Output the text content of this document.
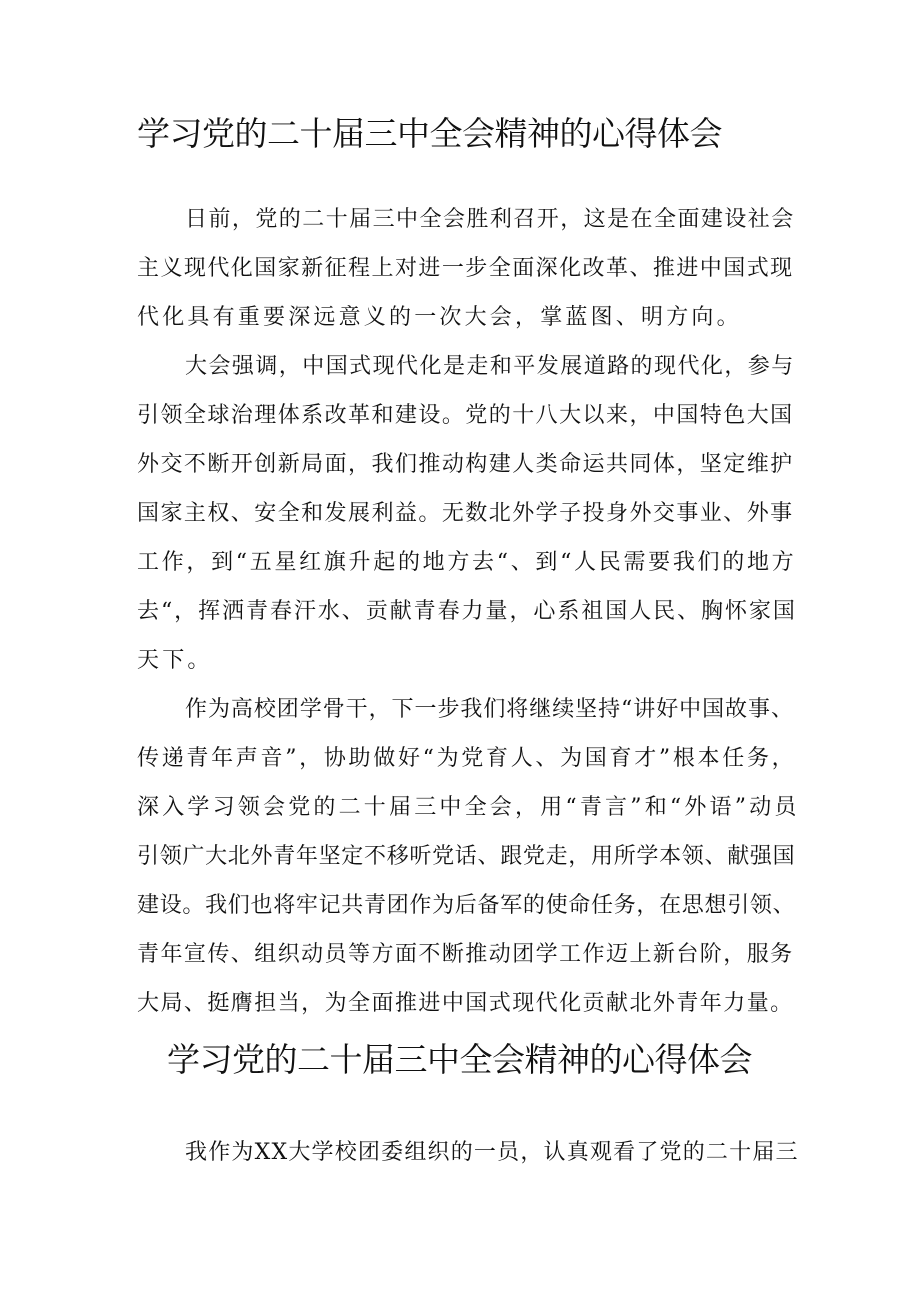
学习党的二十届三中全会精神的心得体会

日前，党的二十届三中全会胜利召开，这是在全面建设社会

主义现代化国家新征程上对进一步全面深化改革、推进中国式现

代化具有重要深远意义的一次大会，掌蓝图、明方向。

大会强调，中国式现代化是走和平发展道路的现代化，参与

引领全球治理体系改革和建设。党的十八大以来，中国特色大国

外交不断开创新局面，我们推动构建人类命运共同体，坚定维护

国家主权、安全和发展利益。无数北外学子投身外交事业、外事

工作，到“五星红旗升起的地方去“、到“人民需要我们的地方

去“，挥洒青春汗水、贡献青春力量，心系祖国人民、胸怀家国

天下。

作为高校团学骨干，下一步我们将继续坚持“讲好中国故事、

传递青年声音”，协助做好“为党育人、为国育才”根本任务，

深入学习领会党的二十届三中全会，用“青言”和“外语”动员

引领广大北外青年坚定不移听党话、跟党走，用所学本领、献强国

建设。我们也将牢记共青团作为后备军的使命任务，在思想引领、

青年宣传、组织动员等方面不断推动团学工作迈上新台阶，服务

大局、挺膺担当，为全面推进中国式现代化贡献北外青年力量。

学习党的二十届三中全会精神的心得体会

我作为XX大学校团委组织的一员，认真观看了党的二十届三
